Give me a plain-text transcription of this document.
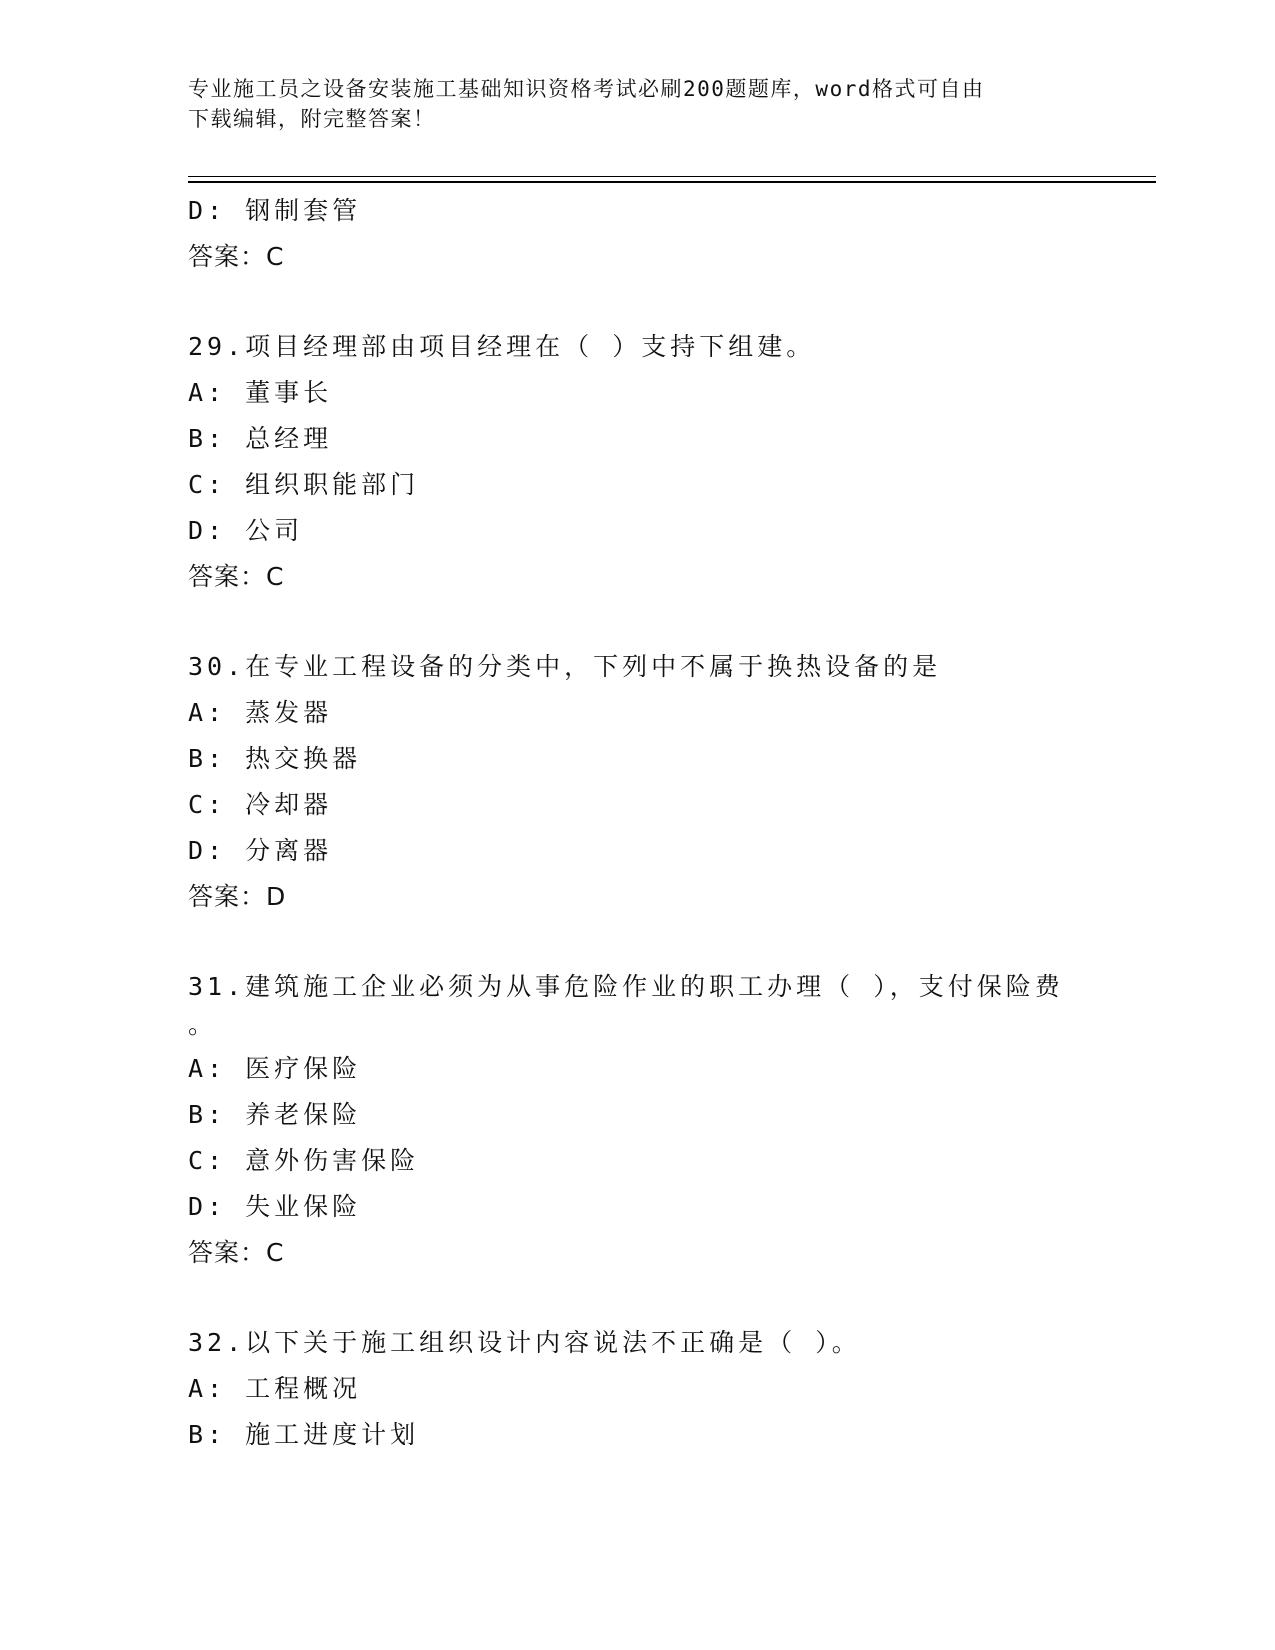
专业施工员之设备安装施工基础知识资格考试必刷200题题库，word格式可自由
下载编辑，附完整答案！
D: 钢制套管
答案：C
29.项目经理部由项目经理在（ ）支持下组建。
A: 董事长
B: 总经理
C: 组织职能部门
D: 公司
答案：C
30.在专业工程设备的分类中，下列中不属于换热设备的是
A: 蒸发器
B: 热交换器
C: 冷却器
D: 分离器
答案：D
31.建筑施工企业必须为从事危险作业的职工办理（ ），支付保险费
。
A: 医疗保险
B: 养老保险
C: 意外伤害保险
D: 失业保险
答案：C
32.以下关于施工组织设计内容说法不正确是（ ）。
A: 工程概况
B: 施工进度计划
